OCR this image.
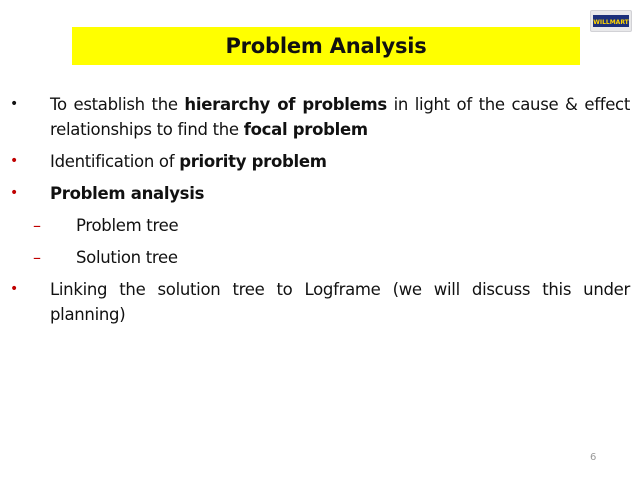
WILLMART
Problem Analysis
• To establish the hierarchy of problems in light of the cause & effect relationships to find the focal problem
• Identification of priority problem
• Problem analysis
– Problem tree
– Solution tree
• Linking the solution tree to Logframe (we will discuss this under planning)
6
